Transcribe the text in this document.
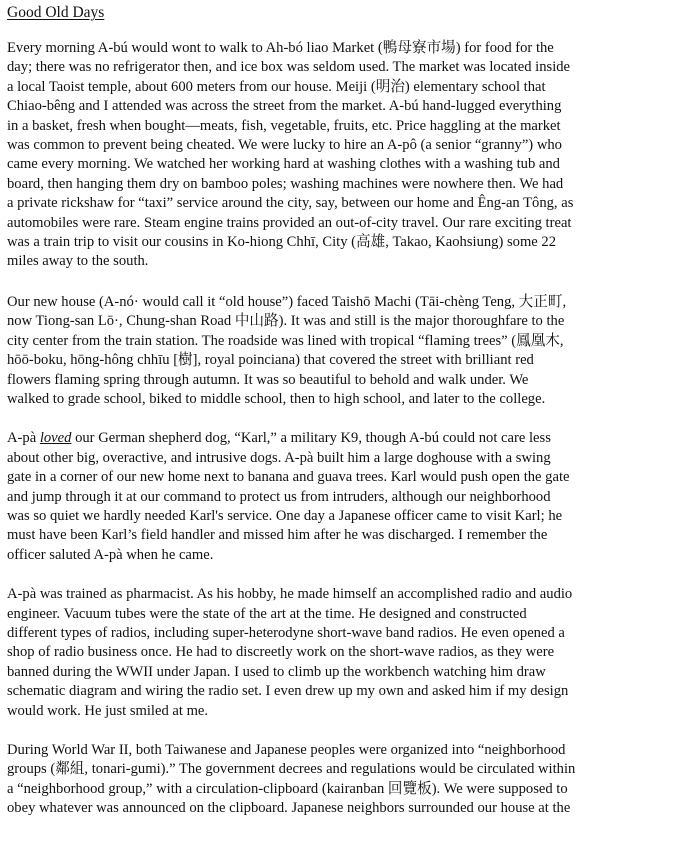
Good Old Days

Every morning A-bú would wont to walk to Ah-bó liao Market (鴨母寮市場) for food for the
day; there was no refrigerator then, and ice box was seldom used. The market was located inside
a local Taoist temple, about 600 meters from our house. Meiji (明治) elementary school that
Chiao-bêng and I attended was across the street from the market. A-bú hand-lugged everything
in a basket, fresh when bought—meats, fish, vegetable, fruits, etc. Price haggling at the market
was common to prevent being cheated. We were lucky to hire an A-pô (a senior “granny”) who
came every morning. We watched her working hard at washing clothes with a washing tub and
board, then hanging them dry on bamboo poles; washing machines were nowhere then. We had
a private rickshaw for “taxi” service around the city, say, between our home and Êng-an Tông, as
automobiles were rare. Steam engine trains provided an out-of-city travel. Our rare exciting treat
was a train trip to visit our cousins in Ko-hiong Chhī, City (高雄, Takao, Kaohsiung) some 22
miles away to the south.

Our new house (A-nó· would call it “old house”) faced Taishō Machi (Tāi-chèng Teng, 大正町,
now Tiong-san Lō·, Chung-shan Road 中山路). It was and still is the major thoroughfare to the
city center from the train station. The roadside was lined with tropical “flaming trees” (鳳凰木,
hōō-boku, hōng-hông chhīu [樹], royal poinciana) that covered the street with brilliant red
flowers flaming spring through autumn. It was so beautiful to behold and walk under. We
walked to grade school, biked to middle school, then to high school, and later to the college.

A-pà loved our German shepherd dog, “Karl,” a military K9, though A-bú could not care less
about other big, overactive, and intrusive dogs. A-pà built him a large doghouse with a swing
gate in a corner of our new home next to banana and guava trees. Karl would push open the gate
and jump through it at our command to protect us from intruders, although our neighborhood
was so quiet we hardly needed Karl's service. One day a Japanese officer came to visit Karl; he
must have been Karl’s field handler and missed him after he was discharged. I remember the
officer saluted A-pà when he came.

A-pà was trained as pharmacist. As his hobby, he made himself an accomplished radio and audio
engineer. Vacuum tubes were the state of the art at the time. He designed and constructed
different types of radios, including super-heterodyne short-wave band radios. He even opened a
shop of radio business once. He had to discreetly work on the short-wave radios, as they were
banned during the WWII under Japan. I used to climb up the workbench watching him draw
schematic diagram and wiring the radio set. I even drew up my own and asked him if my design
would work. He just smiled at me.

During World War II, both Taiwanese and Japanese peoples were organized into “neighborhood
groups (鄰組, tonari-gumi).” The government decrees and regulations would be circulated within
a “neighborhood group,” with a circulation-clipboard (kairanban 回覽板). We were supposed to
obey whatever was announced on the clipboard. Japanese neighbors surrounded our house at the
